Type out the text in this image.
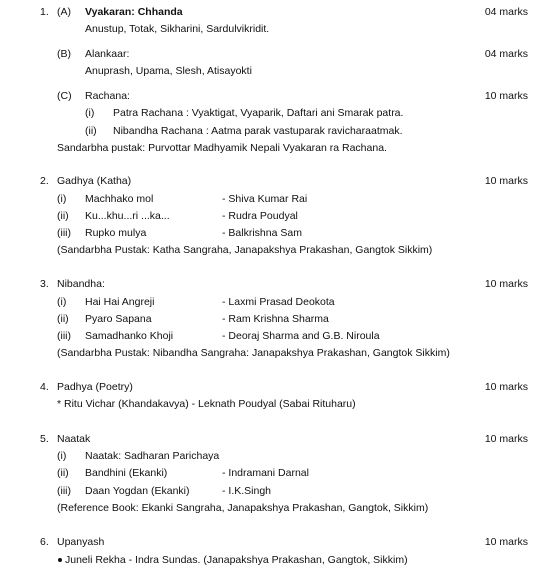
1. (A) Vyakaran: Chhanda	04 marks
Anustup, Totak, Sikharini, Sardulvikridit.
(B) Alankaar:	04 marks
Anuprash, Upama, Slesh, Atisayokti
(C) Rachana:	10 marks
(i) Patra Rachana : Vyaktigat, Vyaparik, Daftari ani Smarak patra.
(ii) Nibandha Rachana : Aatma parak vastuparak ravicharaatmak.
Sandarbha pustak: Purvottar Madhyamik Nepali Vyakaran ra Rachana.
2. Gadhya (Katha)	10 marks
(i) Machhako mol	- Shiva Kumar Rai
(ii) Ku...khu...ri ...ka...	- Rudra Poudyal
(iii) Rupko mulya	- Balkrishna Sam
(Sandarbha Pustak: Katha Sangraha, Janapakshya Prakashan, Gangtok Sikkim)
3. Nibandha:	10 marks
(i) Hai Hai Angreji	- Laxmi Prasad Deokota
(ii) Pyaro Sapana	- Ram Krishna Sharma
(iii) Samadhanko Khoji	- Deoraj Sharma and G.B. Niroula
(Sandarbha Pustak: Nibandha Sangraha: Janapakshya Prakashan, Gangtok Sikkim)
4. Padhya (Poetry)	10 marks
* Ritu Vichar (Khandakavya) - Leknath Poudyal (Sabai Rituharu)
5. Naatak	10 marks
(i) Naatak: Sadharan Parichaya
(ii) Bandhini (Ekanki)	- Indramani Darnal
(iii) Daan Yogdan (Ekanki)	- I.K.Singh
(Reference Book: Ekanki Sangraha, Janapakshya Prakashan, Gangtok, Sikkim)
6. Upanyash	10 marks
Juneli Rekha - Indra Sundas. (Janapakshya Prakashan, Gangtok, Sikkim)
